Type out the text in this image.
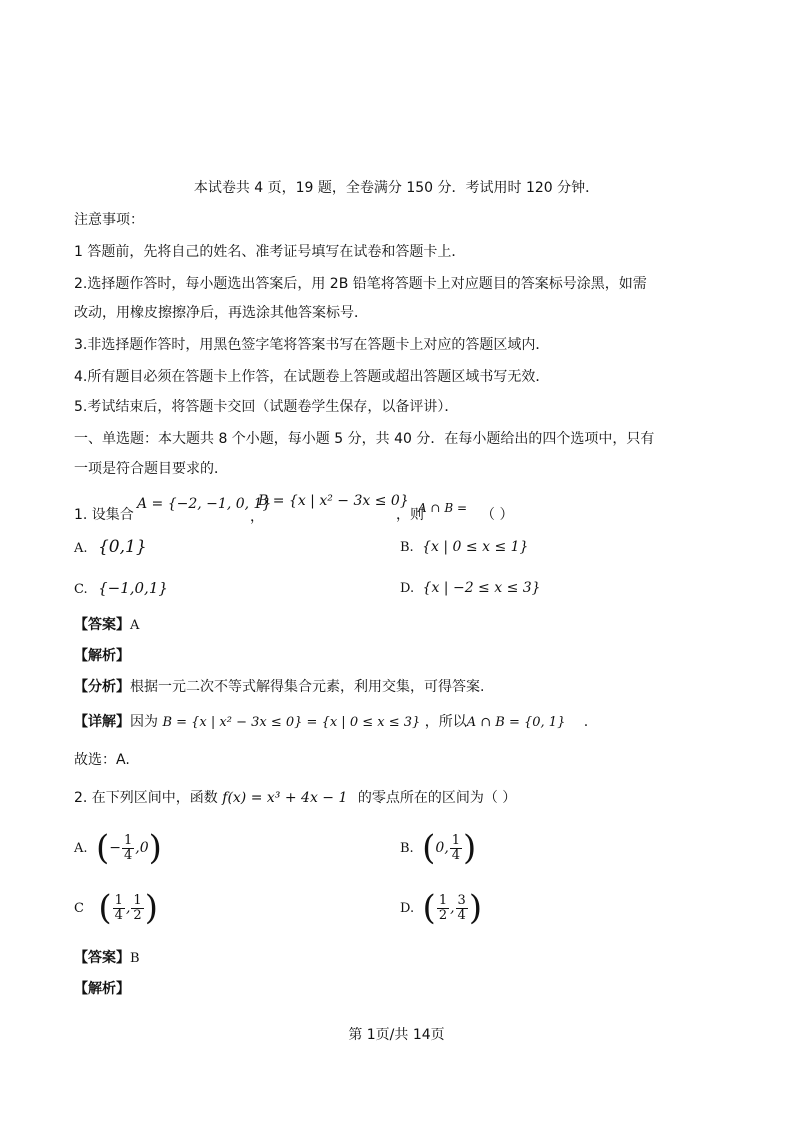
本试卷共 4 页，19 题，全卷满分 150 分．考试用时 120 分钟．
注意事项：
1 答题前，先将自己的姓名、准考证号填写在试卷和答题卡上．
2.选择题作答时，每小题选出答案后，用 2B 铅笔将答题卡上对应题目的答案标号涂黑，如需
改动，用橡皮擦擦净后，再选涂其他答案标号．
3.非选择题作答时，用黑色签字笔将答案书写在答题卡上对应的答题区域内．
4.所有题目必须在答题卡上作答，在试题卷上答题或超出答题区域书写无效．
5.考试结束后，将答题卡交回（试题卷学生保存，以备评讲）．
一、单选题：本大题共 8 个小题，每小题 5 分，共 40 分．在每小题给出的四个选项中，只有
一项是符合题目要求的．
1. 设集合
A = {−2, −1, 0, 1}
，
B = {x | x² − 3x ≤ 0}
，则
A ∩ B = （ ）
A. {0,1}	B. {x | 0 ≤ x ≤ 1}
C. {−1,0,1}	D. {x | −2 ≤ x ≤ 3}
【答案】A
【解析】
【分析】根据一元二次不等式解得集合元素，利用交集，可得答案.
【详解】因为 B = {x | x² − 3x ≤ 0} = {x | 0 ≤ x ≤ 3} ，所以A ∩ B = {0, 1} .
故选：A.
2. 在下列区间中，函数 f(x) = x³ + 4x − 1 的零点所在的区间为（ ）
A. (− $\frac{1}{4} ,0$)	B. (0, $\frac{1}{4}$ )
C ( $\frac{1}{4}$ , $\frac{1}{2}$ )	D. ( $\frac{1}{2}$ , $\frac{3}{4}$ )
【答案】B
【解析】
第 1页/共 14页
